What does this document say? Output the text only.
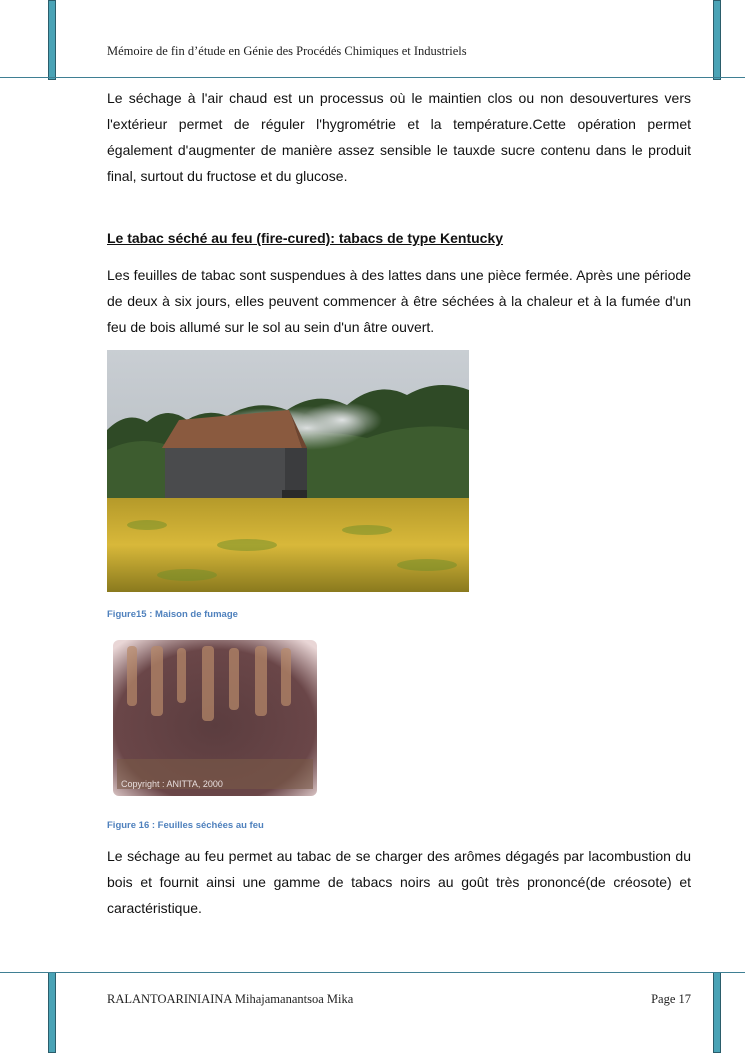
Mémoire de fin d’étude en Génie des Procédés Chimiques et Industriels

Le séchage à l'air chaud est un processus où le maintien clos ou non desouvertures vers l'extérieur permet de réguler l'hygrométrie et la température.Cette opération permet également d'augmenter de manière assez sensible le tauxde sucre contenu dans le produit final, surtout du fructose et du glucose.

Le tabac séché au feu (fire-cured): tabacs de type Kentucky

Les feuilles de tabac sont suspendues à des lattes dans une pièce fermée. Après une période de deux à six jours, elles peuvent commencer à être séchées à la chaleur et à la fumée d'un feu de bois allumé sur le sol au sein d'un âtre ouvert.

Figure15 : Maison de fumage
Copyright : ANITTA, 2000
Figure 16 : Feuilles séchées au feu

Le séchage au feu permet au tabac de se charger des arômes dégagés par lacombustion du bois et fournit ainsi une gamme de tabacs noirs au goût très prononcé(de créosote) et caractéristique.

RALANTOARINIAINA Mihajamanantsoa Mika	Page 17
